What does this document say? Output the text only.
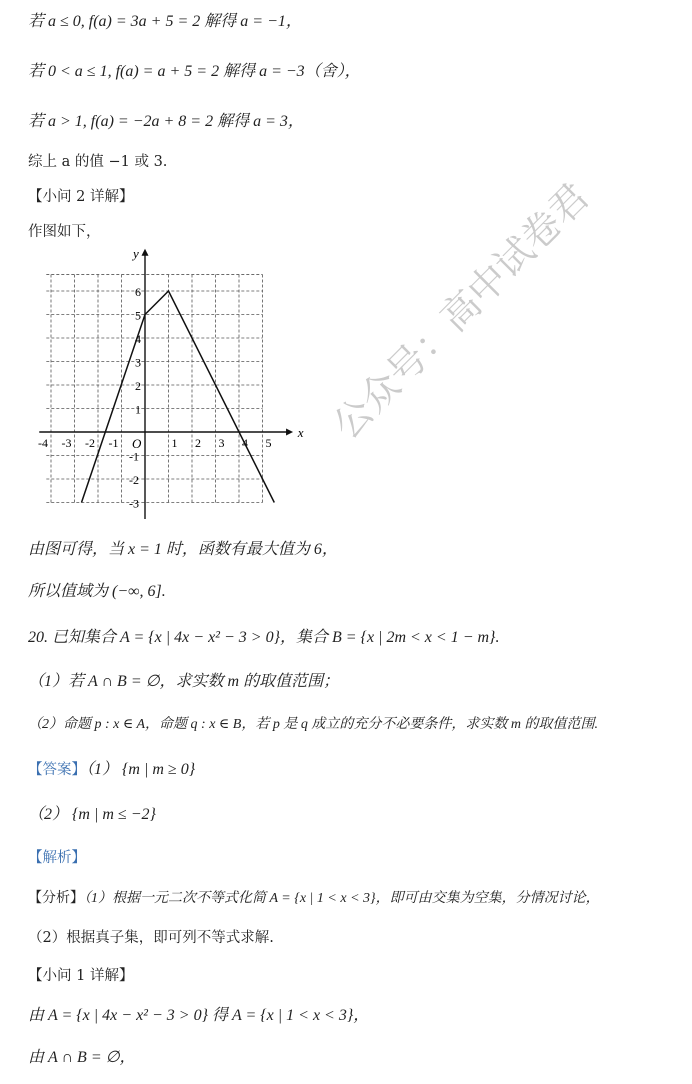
若 a ≤ 0, f(a) = 3a + 5 = 2 解得 a = −1，
若 0 < a ≤ 1, f(a) = a + 5 = 2 解得 a = −3（舍），
若 a > 1, f(a) = −2a + 8 = 2 解得 a = 3，
综上 a 的值 −1 或 3.
【小问 2 详解】
作图如下，
x
y
O
-4 -3 -2 -1	1 2 3 4 5
6
5
4
3
2
1
-1
-2
-3
由图可得，当 x = 1 时，函数有最大值为 6，
所以值域为 (−∞, 6].
20. 已知集合 A = {x | 4x − x² − 3 > 0}，集合 B = {x | 2m < x < 1 − m}.
（1）若 A ∩ B = ∅，求实数 m 的取值范围；
（2）命题 p : x ∈ A，命题 q : x ∈ B，若 p 是 q 成立的充分不必要条件，求实数 m 的取值范围.
【答案】（1） {m | m ≥ 0}
（2） {m | m ≤ −2}
【解析】
【分析】（1）根据一元二次不等式化简 A = {x | 1 < x < 3}，即可由交集为空集，分情况讨论，
（2）根据真子集，即可列不等式求解.
【小问 1 详解】
由 A = {x | 4x − x² − 3 > 0} 得 A = {x | 1 < x < 3}，
由 A ∩ B = ∅，
公众号：高中试卷君
